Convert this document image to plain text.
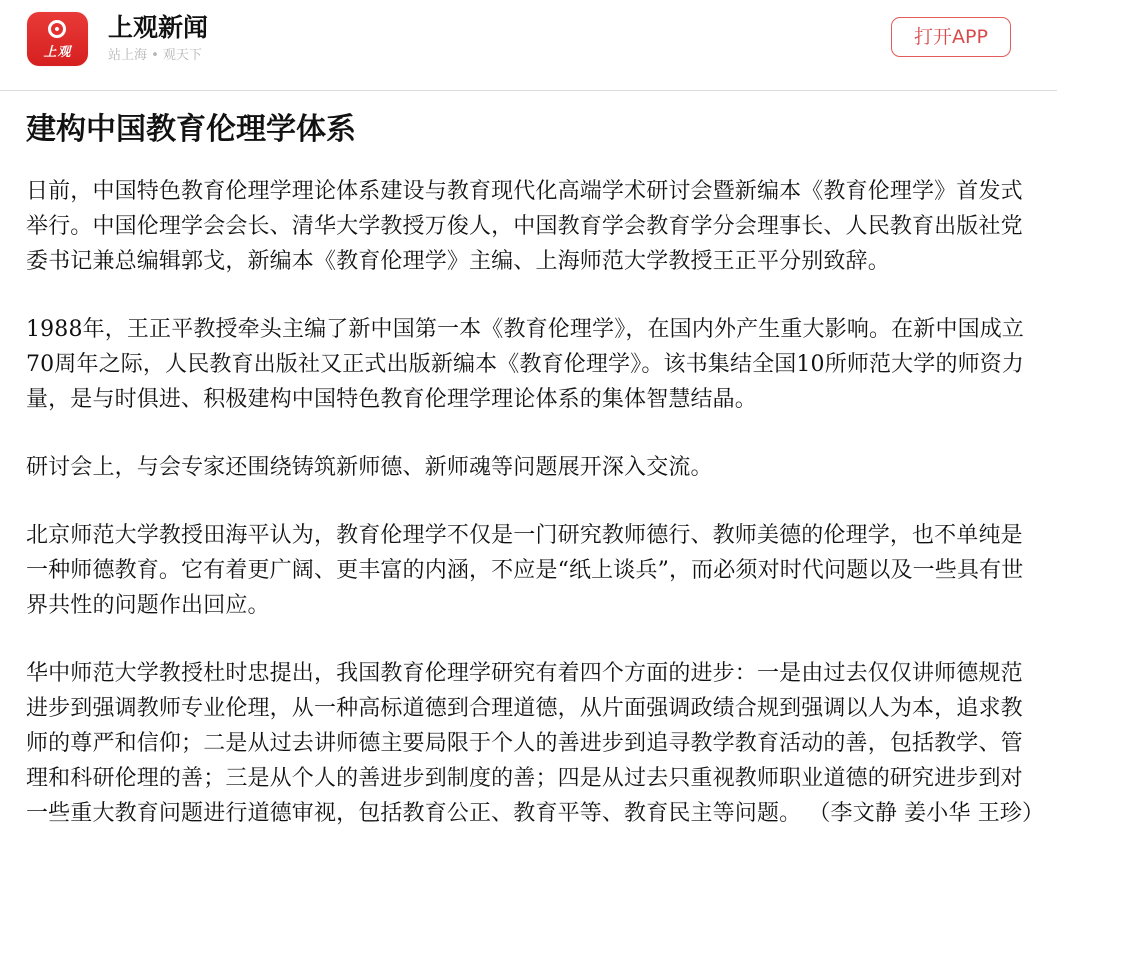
上观
上观新闻
站上海 • 观天下
打开APP
建构中国教育伦理学体系

日前，中国特色教育伦理学理论体系建设与教育现代化高端学术研讨会暨新编本《教育伦理学》首发式举行。中国伦理学会会长、清华大学教授万俊人，中国教育学会教育学分会理事长、人民教育出版社党委书记兼总编辑郭戈，新编本《教育伦理学》主编、上海师范大学教授王正平分别致辞。

1988年，王正平教授牵头主编了新中国第一本《教育伦理学》，在国内外产生重大影响。在新中国成立70周年之际，人民教育出版社又正式出版新编本《教育伦理学》。该书集结全国10所师范大学的师资力量，是与时俱进、积极建构中国特色教育伦理学理论体系的集体智慧结晶。

研讨会上，与会专家还围绕铸筑新师德、新师魂等问题展开深入交流。

北京师范大学教授田海平认为，教育伦理学不仅是一门研究教师德行、教师美德的伦理学，也不单纯是一种师德教育。它有着更广阔、更丰富的内涵，不应是“纸上谈兵”，而必须对时代问题以及一些具有世界共性的问题作出回应。

华中师范大学教授杜时忠提出，我国教育伦理学研究有着四个方面的进步：一是由过去仅仅讲师德规范进步到强调教师专业伦理，从一种高标道德到合理道德，从片面强调政绩合规到强调以人为本，追求教师的尊严和信仰；二是从过去讲师德主要局限于个人的善进步到追寻教学教育活动的善，包括教学、管理和科研伦理的善；三是从个人的善进步到制度的善；四是从过去只重视教师职业道德的研究进步到对一些重大教育问题进行道德审视，包括教育公正、教育平等、教育民主等问题。 （李文静 姜小华 王珍）
